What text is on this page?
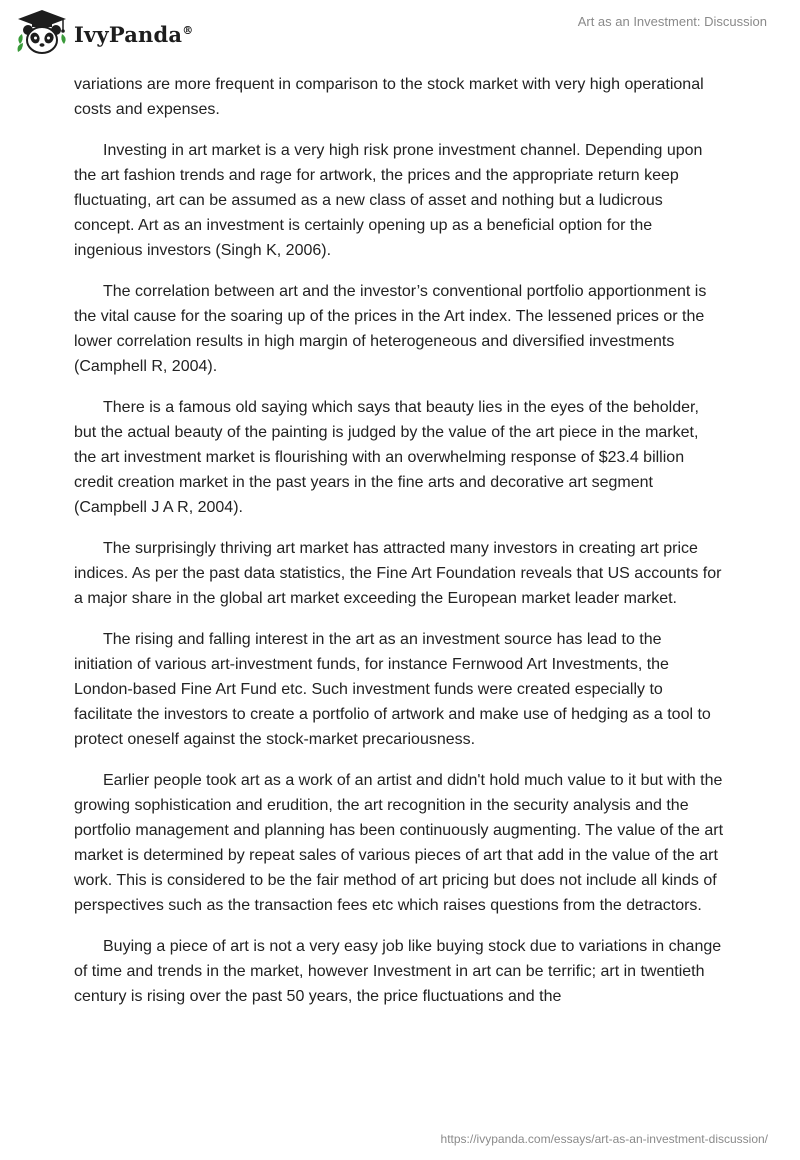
IvyPanda®
Art as an Investment: Discussion

variations are more frequent in comparison to the stock market with very high operational costs and expenses.

Investing in art market is a very high risk prone investment channel. Depending upon the art fashion trends and rage for artwork, the prices and the appropriate return keep fluctuating, art can be assumed as a new class of asset and nothing but a ludicrous concept. Art as an investment is certainly opening up as a beneficial option for the ingenious investors (Singh K, 2006).

The correlation between art and the investor’s conventional portfolio apportionment is the vital cause for the soaring up of the prices in the Art index. The lessened prices or the lower correlation results in high margin of heterogeneous and diversified investments (Camphell R, 2004).

There is a famous old saying which says that beauty lies in the eyes of the beholder, but the actual beauty of the painting is judged by the value of the art piece in the market, the art investment market is flourishing with an overwhelming response of $23.4 billion credit creation market in the past years in the fine arts and decorative art segment (Campbell J A R, 2004).

The surprisingly thriving art market has attracted many investors in creating art price indices. As per the past data statistics, the Fine Art Foundation reveals that US accounts for a major share in the global art market exceeding the European market leader market.

The rising and falling interest in the art as an investment source has lead to the initiation of various art-investment funds, for instance Fernwood Art Investments, the London-based Fine Art Fund etc. Such investment funds were created especially to facilitate the investors to create a portfolio of artwork and make use of hedging as a tool to protect oneself against the stock-market precariousness.

Earlier people took art as a work of an artist and didn't hold much value to it but with the growing sophistication and erudition, the art recognition in the security analysis and the portfolio management and planning has been continuously augmenting. The value of the art market is determined by repeat sales of various pieces of art that add in the value of the art work. This is considered to be the fair method of art pricing but does not include all kinds of perspectives such as the transaction fees etc which raises questions from the detractors.

Buying a piece of art is not a very easy job like buying stock due to variations in change of time and trends in the market, however Investment in art can be terrific; art in twentieth century is rising over the past 50 years, the price fluctuations and the

https://ivypanda.com/essays/art-as-an-investment-discussion/
